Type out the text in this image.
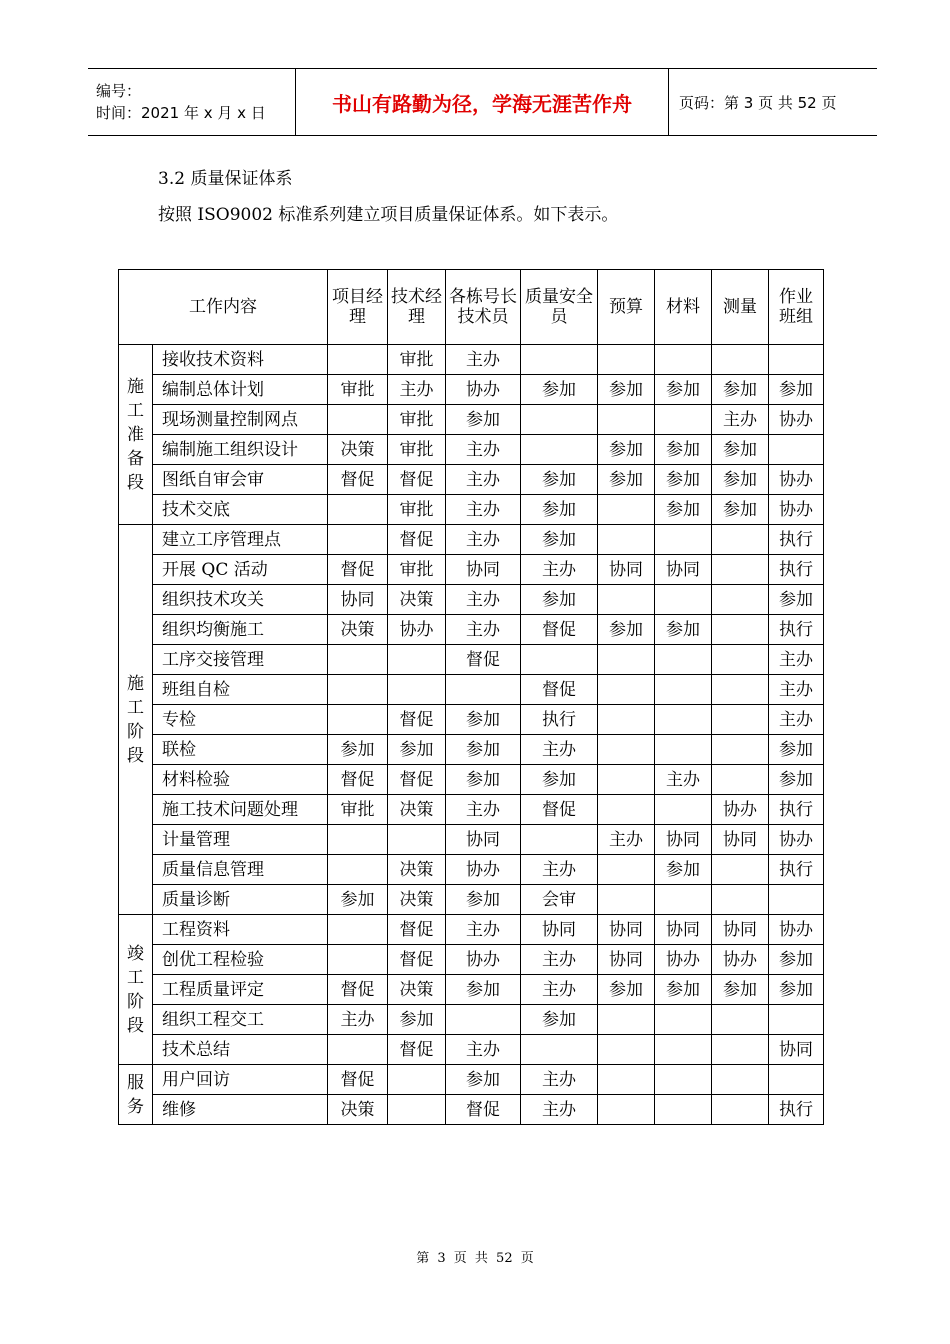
编号：
时间：2021 年 x 月 x 日	书山有路勤为径，学海无涯苦作舟	页码：第 3 页 共 52 页
3.2 质量保证体系
按照 ISO9002 标准系列建立项目质量保证体系。如下表示。
工作内容		项目经理	技术经理	各栋号长技术员	质量安全员	预算	材料	测量	作业班组
施工准备段	接收技术资料		审批	主办					
	编制总体计划	审批	主办	协办	参加	参加	参加	参加	参加
	现场测量控制网点		审批	参加				主办	协办
	编制施工组织设计	决策	审批	主办		参加	参加	参加	
	图纸自审会审	督促	督促	主办	参加	参加	参加	参加	协办
	技术交底		审批	主办	参加		参加	参加	协办
施工阶段	建立工序管理点		督促	主办	参加				执行
	开展 QC 活动	督促	审批	协同	主办	协同	协同		执行
	组织技术攻关	协同	决策	主办	参加				参加
	组织均衡施工	决策	协办	主办	督促	参加	参加		执行
	工序交接管理			督促					主办
	班组自检				督促				主办
	专检		督促	参加	执行				主办
	联检	参加	参加	参加	主办				参加
	材料检验	督促	督促	参加	参加		主办		参加
	施工技术问题处理	审批	决策	主办	督促			协办	执行
	计量管理			协同		主办	协同	协同	协办
	质量信息管理		决策	协办	主办		参加		执行
	质量诊断	参加	决策	参加	会审				
竣工阶段	工程资料		督促	主办	协同	协同	协同	协同	协办
	创优工程检验		督促	协办	主办	协同	协办	协办	参加
	工程质量评定	督促	决策	参加	主办	参加	参加	参加	参加
	组织工程交工	主办	参加		参加				
	技术总结		督促	主办					协同
服务	用户回访	督促		参加	主办				
	维修	决策		督促	主办				执行
第 3 页 共 52 页
